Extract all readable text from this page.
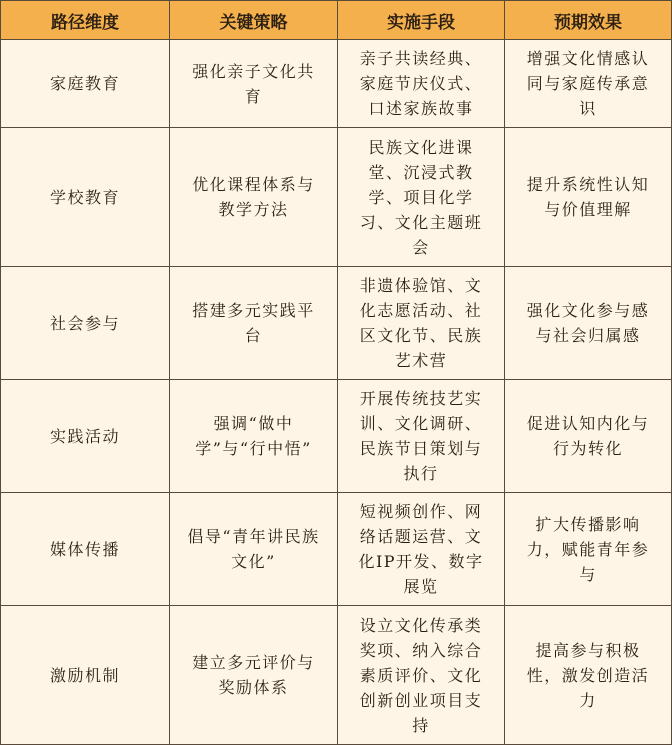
路径维度	关键策略	实施手段	预期效果
家庭教育	强化亲子文化共育	亲子共读经典、家庭节庆仪式、口述家族故事	增强文化情感认同与家庭传承意识
学校教育	优化课程体系与教学方法	民族文化进课堂、沉浸式教学、项目化学习、文化主题班会	提升系统性认知与价值理解
社会参与	搭建多元实践平台	非遗体验馆、文化志愿活动、社区文化节、民族艺术营	强化文化参与感与社会归属感
实践活动	强调“做中学”与“行中悟”	开展传统技艺实训、文化调研、民族节日策划与执行	促进认知内化与行为转化
媒体传播	倡导“青年讲民族文化”	短视频创作、网络话题运营、文化IP开发、数字展览	扩大传播影响力，赋能青年参与
激励机制	建立多元评价与奖励体系	设立文化传承类奖项、纳入综合素质评价、文化创新创业项目支持	提高参与积极性，激发创造活力
